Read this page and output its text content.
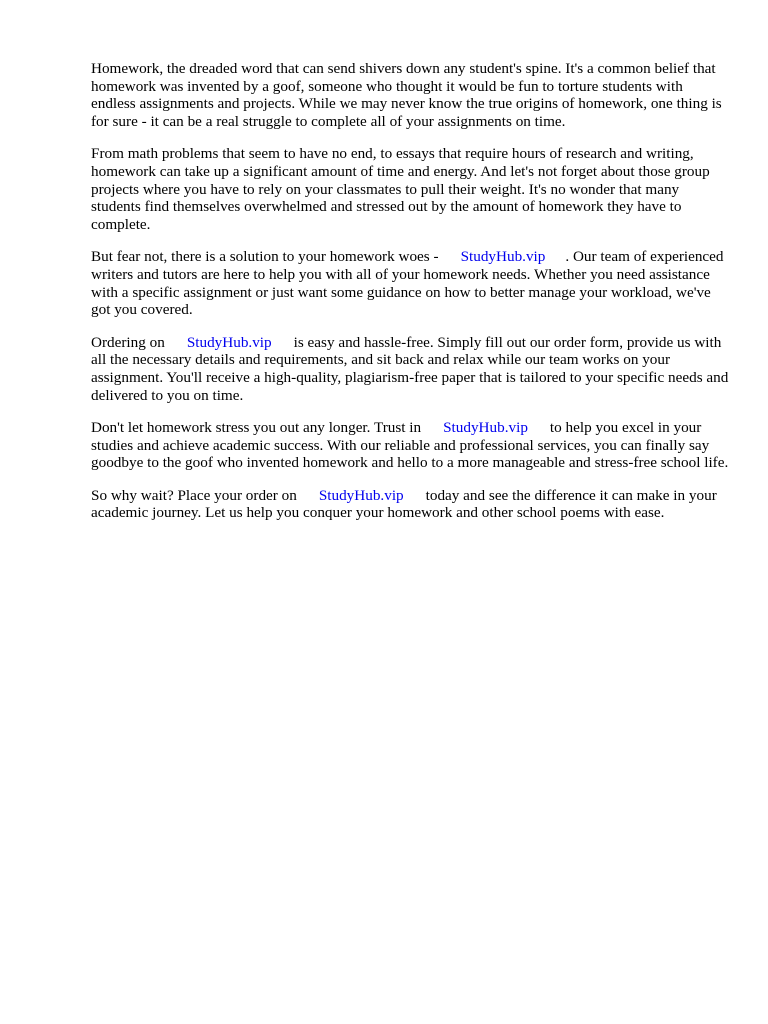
Homework, the dreaded word that can send shivers down any student's spine. It's a common belief that homework was invented by a goof, someone who thought it would be fun to torture students with endless assignments and projects. While we may never know the true origins of homework, one thing is for sure - it can be a real struggle to complete all of your assignments on time.

From math problems that seem to have no end, to essays that require hours of research and writing, homework can take up a significant amount of time and energy. And let's not forget about those group projects where you have to rely on your classmates to pull their weight. It's no wonder that many students find themselves overwhelmed and stressed out by the amount of homework they have to complete.

But fear not, there is a solution to your homework woes - StudyHub.vip . Our team of experienced writers and tutors are here to help you with all of your homework needs. Whether you need assistance with a specific assignment or just want some guidance on how to better manage your workload, we've got you covered.

Ordering on StudyHub.vip is easy and hassle-free. Simply fill out our order form, provide us with all the necessary details and requirements, and sit back and relax while our team works on your assignment. You'll receive a high-quality, plagiarism-free paper that is tailored to your specific needs and delivered to you on time.

Don't let homework stress you out any longer. Trust in StudyHub.vip to help you excel in your studies and achieve academic success. With our reliable and professional services, you can finally say goodbye to the goof who invented homework and hello to a more manageable and stress-free school life.

So why wait? Place your order on StudyHub.vip today and see the difference it can make in your academic journey. Let us help you conquer your homework and other school poems with ease.
